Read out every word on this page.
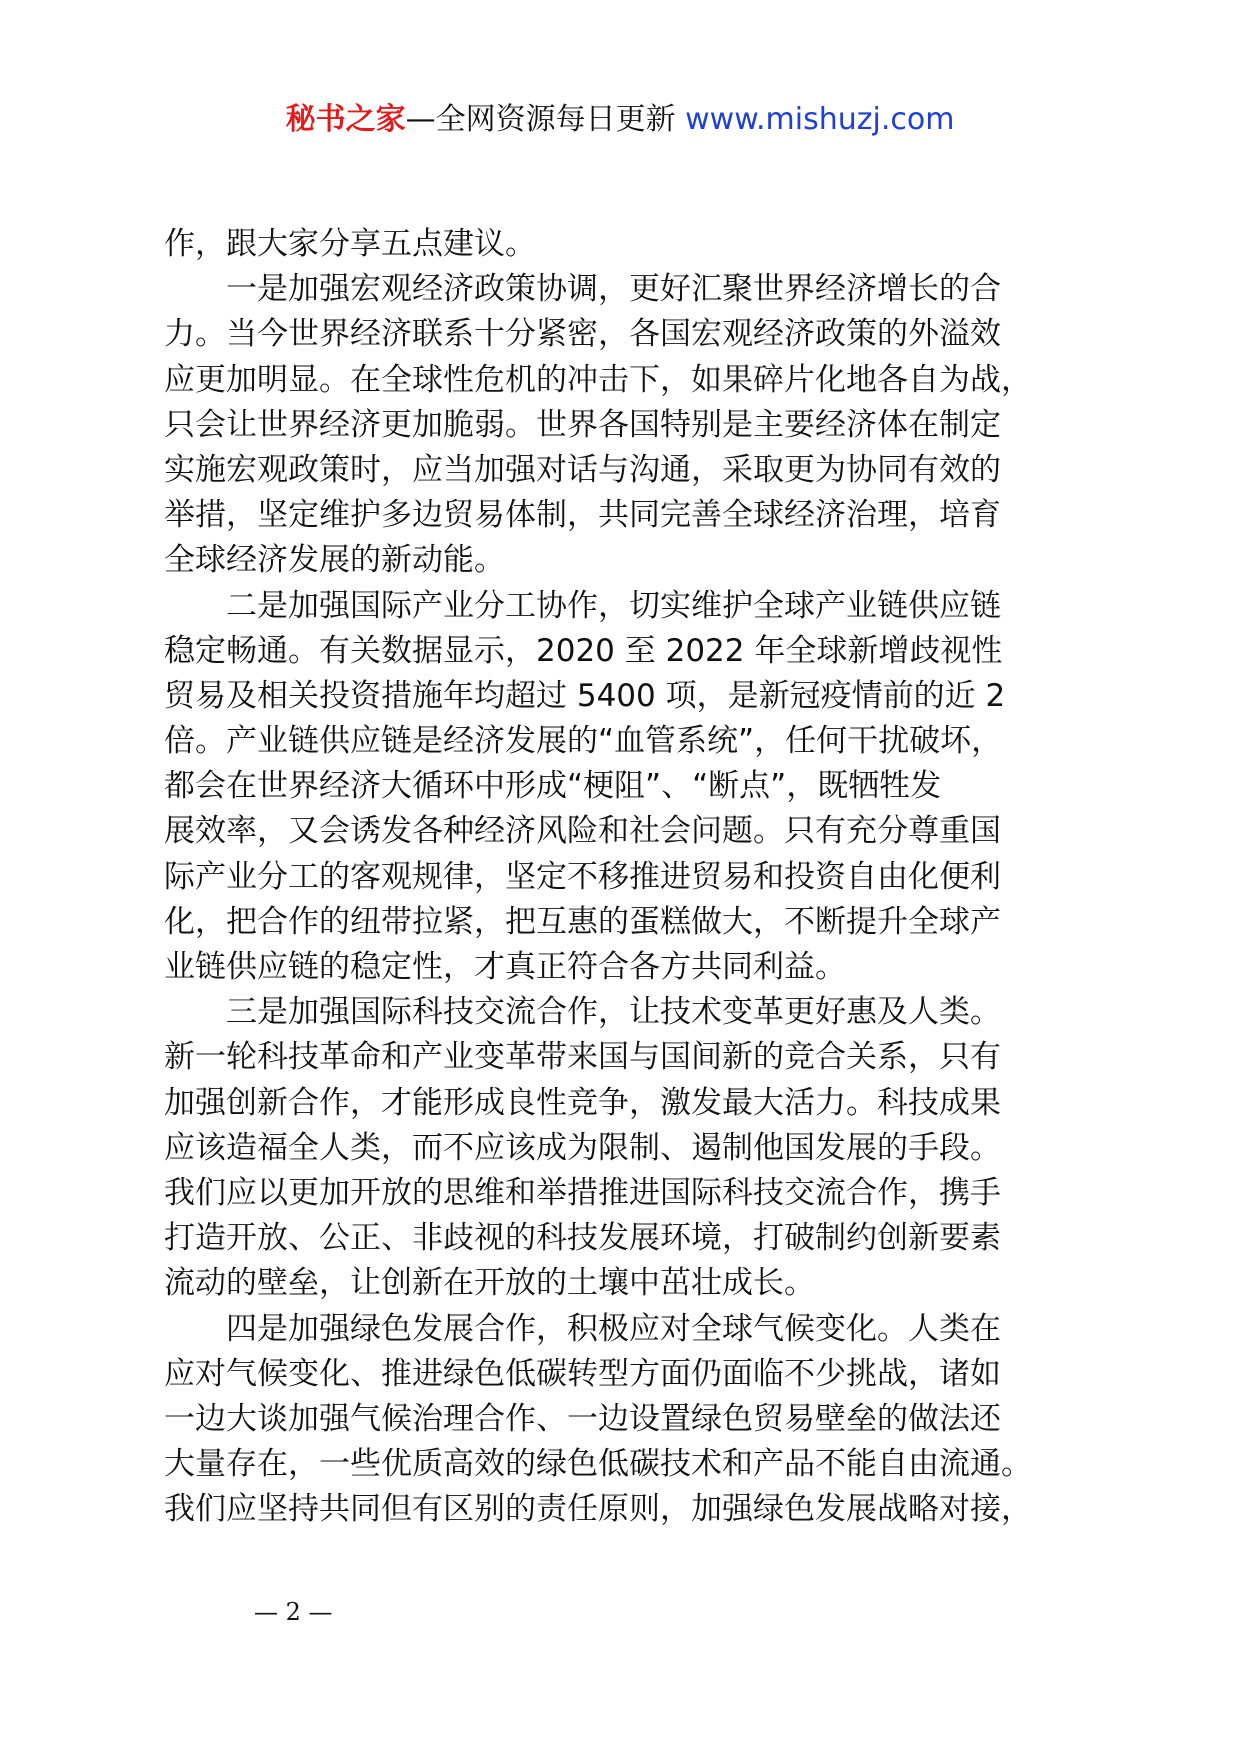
秘书之家—全网资源每日更新 www.mishuzj.com
作，跟大家分享五点建议。
　　一是加强宏观经济政策协调，更好汇聚世界经济增长的合
力。当今世界经济联系十分紧密，各国宏观经济政策的外溢效
应更加明显。在全球性危机的冲击下，如果碎片化地各自为战，
只会让世界经济更加脆弱。世界各国特别是主要经济体在制定
实施宏观政策时，应当加强对话与沟通，采取更为协同有效的
举措，坚定维护多边贸易体制，共同完善全球经济治理，培育
全球经济发展的新动能。
　　二是加强国际产业分工协作，切实维护全球产业链供应链
稳定畅通。有关数据显示，2020 至 2022 年全球新增歧视性
贸易及相关投资措施年均超过 5400 项，是新冠疫情前的近 2
倍。产业链供应链是经济发展的“血管系统”，任何干扰破坏，
都会在世界经济大循环中形成“梗阻”、“断点”，既牺牲发
展效率，又会诱发各种经济风险和社会问题。只有充分尊重国
际产业分工的客观规律，坚定不移推进贸易和投资自由化便利
化，把合作的纽带拉紧，把互惠的蛋糕做大，不断提升全球产
业链供应链的稳定性，才真正符合各方共同利益。
　　三是加强国际科技交流合作，让技术变革更好惠及人类。
新一轮科技革命和产业变革带来国与国间新的竞合关系，只有
加强创新合作，才能形成良性竞争，激发最大活力。科技成果
应该造福全人类，而不应该成为限制、遏制他国发展的手段。
我们应以更加开放的思维和举措推进国际科技交流合作，携手
打造开放、公正、非歧视的科技发展环境，打破制约创新要素
流动的壁垒，让创新在开放的土壤中茁壮成长。
　　四是加强绿色发展合作，积极应对全球气候变化。人类在
应对气候变化、推进绿色低碳转型方面仍面临不少挑战，诸如
一边大谈加强气候治理合作、一边设置绿色贸易壁垒的做法还
大量存在，一些优质高效的绿色低碳技术和产品不能自由流通。
我们应坚持共同但有区别的责任原则，加强绿色发展战略对接，
— 2 —
